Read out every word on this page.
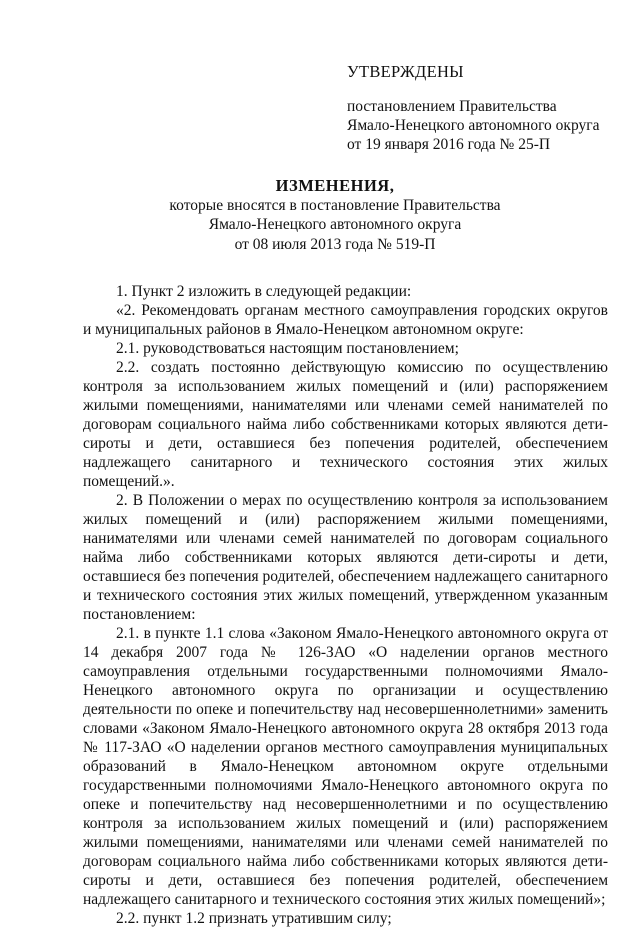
УТВЕРЖДЕНЫ
постановлением Правительства
Ямало-Ненецкого автономного округа
от 19 января 2016 года № 25-П
ИЗМЕНЕНИЯ,
которые вносятся в постановление Правительства
Ямало-Ненецкого автономного округа
от 08 июля 2013 года № 519-П

1. Пункт 2 изложить в следующей редакции:

«2. Рекомендовать органам местного самоуправления городских округов и муниципальных районов в Ямало-Ненецком автономном округе:

2.1. руководствоваться настоящим постановлением;

2.2. создать постоянно действующую комиссию по осуществлению контроля за использованием жилых помещений и (или) распоряжением жилыми помещениями, нанимателями или членами семей нанимателей по договорам социального найма либо собственниками которых являются дети-сироты и дети, оставшиеся без попечения родителей, обеспечением надлежащего санитарного и технического состояния этих жилых помещений.».

2. В Положении о мерах по осуществлению контроля за использованием жилых помещений и (или) распоряжением жилыми помещениями, нанимателями или членами семей нанимателей по договорам социального найма либо собственниками которых являются дети-сироты и дети, оставшиеся без попечения родителей, обеспечением надлежащего санитарного и технического состояния этих жилых помещений, утвержденном указанным постановлением:

2.1. в пункте 1.1 слова «Законом Ямало-Ненецкого автономного округа от 14 декабря 2007 года № 126-ЗАО «О наделении органов местного самоуправления отдельными государственными полномочиями Ямало-Ненецкого автономного округа по организации и осуществлению деятельности по опеке и попечительству над несовершеннолетними» заменить словами «Законом Ямало-Ненецкого автономного округа 28 октября 2013 года № 117-ЗАО «О наделении органов местного самоуправления муниципальных образований в Ямало-Ненецком автономном округе отдельными государственными полномочиями Ямало-Ненецкого автономного округа по опеке и попечительству над несовершеннолетними и по осуществлению контроля за использованием жилых помещений и (или) распоряжением жилыми помещениями, нанимателями или членами семей нанимателей по договорам социального найма либо собственниками которых являются дети-сироты и дети, оставшиеся без попечения родителей, обеспечением надлежащего санитарного и технического состояния этих жилых помещений»;

2.2. пункт 1.2 признать утратившим силу;
